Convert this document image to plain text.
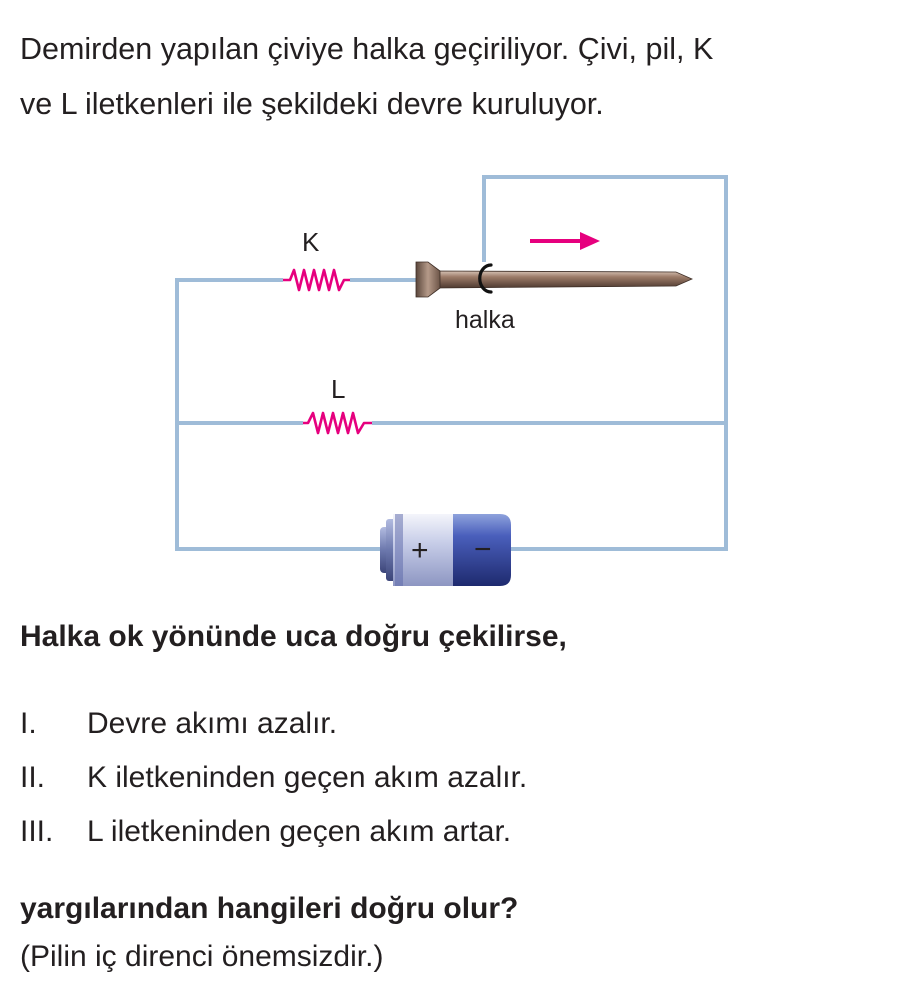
Demirden yapılan çiviye halka geçiriliyor. Çivi, pil, K
ve L iletkenleri ile şekildeki devre kuruluyor.

K
L
halka
+ −

Halka ok yönünde uca doğru çekilirse,

I. Devre akımı azalır.
II. K iletkeninden geçen akım azalır.
III. L iletkeninden geçen akım artar.

yargılarından hangileri doğru olur?

(Pilin iç direnci önemsizdir.)
